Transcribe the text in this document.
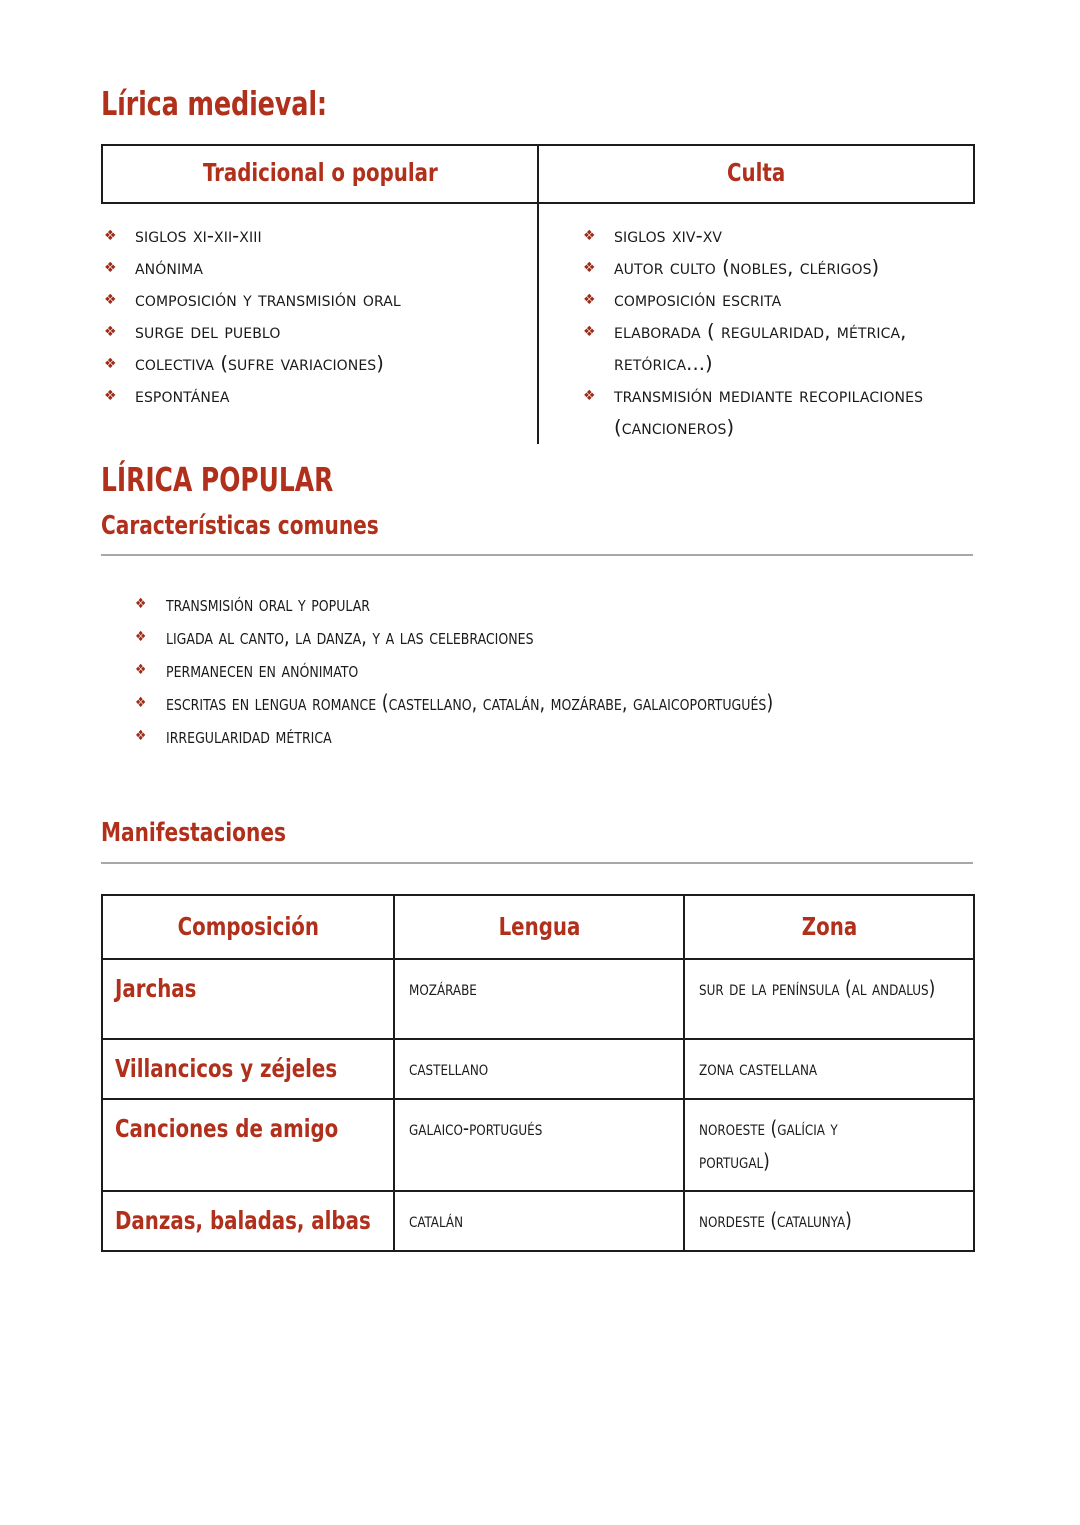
Lírica medieval:
Tradicional o popular	Culta

❖ siglos xi-xii-xiii
❖ anónima
❖ composición y transmisión oral
❖ surge del pueblo
❖ colectiva (sufre variaciones)
❖ espontánea

❖ siglos xiv-xv
❖ autor culto (nobles, clérigos)
❖ composición escrita
❖ elaborada ( regularidad, métrica, retórica...)
❖ transmisión mediante recopilaciones (cancioneros)
LÍRICA POPULAR
Características comunes
❖ transmisión oral y popular
❖ ligada al canto, la danza, y a las celebraciones
❖ permanecen en anónimato
❖ escritas en lengua romance (castellano, catalán, mozárabe, galaicoportugués)
❖ irregularidad métrica
Manifestaciones
Composición	Lengua	Zona

Jarchas	mozárabe	sur de la península (al andalus)

Villancicos y zéjeles	castellano	zona castellana

Canciones de amigo	galaico-portugués	noroeste (galícia y portugal)

Danzas, baladas, albas	catalán	nordeste (catalunya)
